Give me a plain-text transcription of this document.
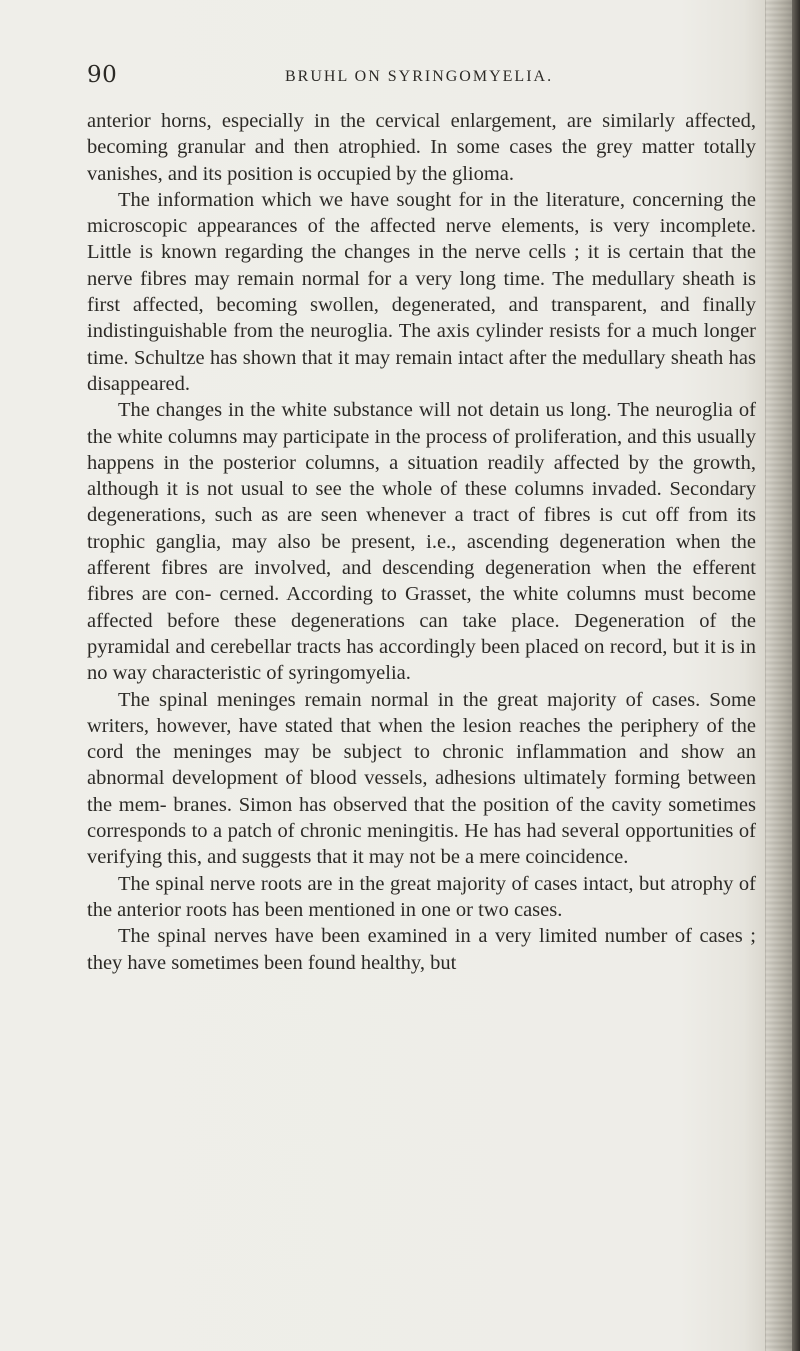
90	BRUHL ON SYRINGOMYELIA.

anterior horns, especially in the cervical enlargement, are similarly affected, becoming granular and then atrophied. In some cases the grey matter totally vanishes, and its position is occupied by the glioma.

The information which we have sought for in the literature, concerning the microscopic appearances of the affected nerve elements, is very incomplete. Little is known regarding the changes in the nerve cells ; it is certain that the nerve fibres may remain normal for a very long time. The medullary sheath is first affected, becoming swollen, degenerated, and transparent, and finally indistinguishable from the neuroglia. The axis cylinder resists for a much longer time. Schultze has shown that it may remain intact after the medullary sheath has disappeared.

The changes in the white substance will not detain us long. The neuroglia of the white columns may participate in the process of proliferation, and this usually happens in the posterior columns, a situation readily affected by the growth, although it is not usual to see the whole of these columns invaded. Secondary degenerations, such as are seen whenever a tract of fibres is cut off from its trophic ganglia, may also be present, i.e., ascending degeneration when the afferent fibres are involved, and descending degeneration when the efferent fibres are con- cerned. According to Grasset, the white columns must become affected before these degenerations can take place. Degeneration of the pyramidal and cerebellar tracts has accordingly been placed on record, but it is in no way characteristic of syringomyelia.

The spinal meninges remain normal in the great majority of cases. Some writers, however, have stated that when the lesion reaches the periphery of the cord the meninges may be subject to chronic inflammation and show an abnormal development of blood vessels, adhesions ultimately forming between the mem- branes. Simon has observed that the position of the cavity sometimes corresponds to a patch of chronic meningitis. He has had several opportunities of verifying this, and suggests that it may not be a mere coincidence.

The spinal nerve roots are in the great majority of cases intact, but atrophy of the anterior roots has been mentioned in one or two cases.

The spinal nerves have been examined in a very limited number of cases ; they have sometimes been found healthy, but
